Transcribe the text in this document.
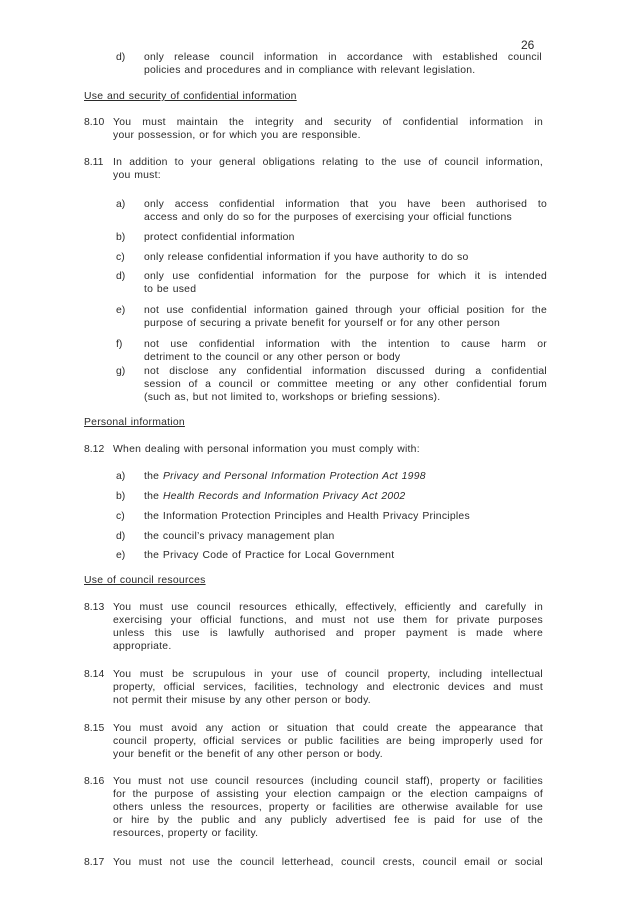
26
d) only release council information in accordance with established council
policies and procedures and in compliance with relevant legislation.
Use and security of confidential information
8.10 You must maintain the integrity and security of confidential information in
your possession, or for which you are responsible.
8.11 In addition to your general obligations relating to the use of council information,
you must:
a) only access confidential information that you have been authorised to
access and only do so for the purposes of exercising your official functions
b) protect confidential information
c) only release confidential information if you have authority to do so
d) only use confidential information for the purpose for which it is intended
to be used
e) not use confidential information gained through your official position for the
purpose of securing a private benefit for yourself or for any other person
f) not use confidential information with the intention to cause harm or
detriment to the council or any other person or body
g) not disclose any confidential information discussed during a confidential
session of a council or committee meeting or any other confidential forum
(such as, but not limited to, workshops or briefing sessions).
Personal information
8.12 When dealing with personal information you must comply with:
a) the Privacy and Personal Information Protection Act 1998
b) the Health Records and Information Privacy Act 2002
c) the Information Protection Principles and Health Privacy Principles
d) the council’s privacy management plan
e) the Privacy Code of Practice for Local Government
Use of council resources
8.13 You must use council resources ethically, effectively, efficiently and carefully in
exercising your official functions, and must not use them for private purposes
unless this use is lawfully authorised and proper payment is made where
appropriate.
8.14 You must be scrupulous in your use of council property, including intellectual
property, official services, facilities, technology and electronic devices and must
not permit their misuse by any other person or body.
8.15 You must avoid any action or situation that could create the appearance that
council property, official services or public facilities are being improperly used for
your benefit or the benefit of any other person or body.
8.16 You must not use council resources (including council staff), property or facilities
for the purpose of assisting your election campaign or the election campaigns of
others unless the resources, property or facilities are otherwise available for use
or hire by the public and any publicly advertised fee is paid for use of the
resources, property or facility.
8.17 You must not use the council letterhead, council crests, council email or social
